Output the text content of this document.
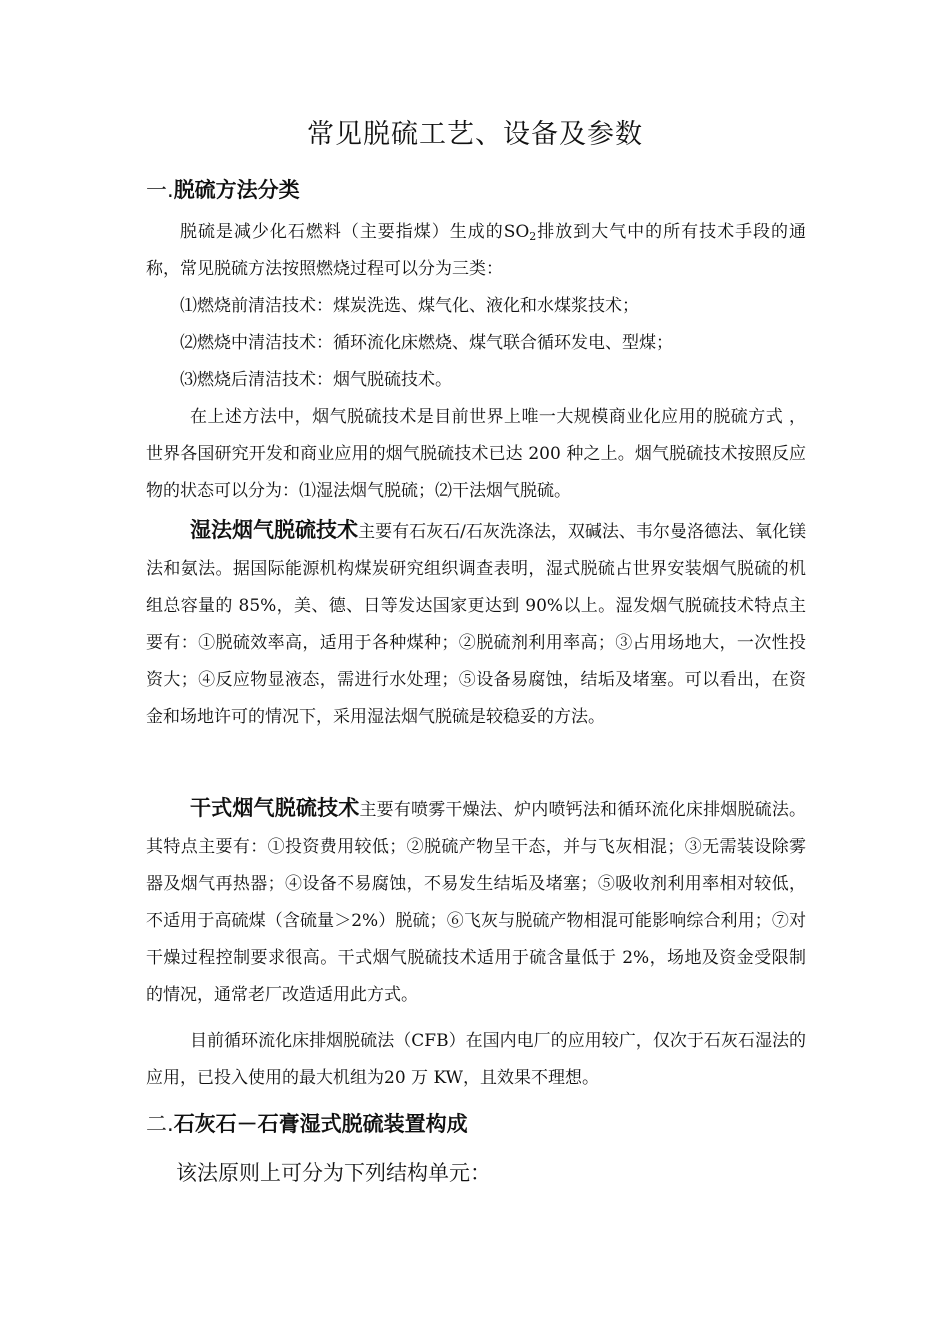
常见脱硫工艺、设备及参数
一.脱硫方法分类

脱硫是减少化石燃料（主要指煤）生成的$SO_2$排放到大气中的所有技术手段的通称，常见脱硫方法按照燃烧过程可以分为三类：

⑴燃烧前清洁技术：煤炭洗选、煤气化、液化和水煤浆技术；
⑵燃烧中清洁技术：循环流化床燃烧、煤气联合循环发电、型煤；
⑶燃烧后清洁技术：烟气脱硫技术。

在上述方法中，烟气脱硫技术是目前世界上唯一大规模商业化应用的脱硫方式 ，世界各国研究开发和商业应用的烟气脱硫技术已达 200 种之上。烟气脱硫技术按照反应物的状态可以分为：⑴湿法烟气脱硫；⑵干法烟气脱硫。

湿法烟气脱硫技术主要有石灰石/石灰洗涤法，双碱法、韦尔曼洛德法、氧化镁法和氨法。据国际能源机构煤炭研究组织调查表明，湿式脱硫占世界安装烟气脱硫的机组总容量的 85%，美、德、日等发达国家更达到 90%以上。湿发烟气脱硫技术特点主要有：①脱硫效率高，适用于各种煤种；②脱硫剂利用率高；③占用场地大，一次性投资大；④反应物显液态，需进行水处理；⑤设备易腐蚀，结垢及堵塞。可以看出，在资金和场地许可的情况下，采用湿法烟气脱硫是较稳妥的方法。

干式烟气脱硫技术主要有喷雾干燥法、炉内喷钙法和循环流化床排烟脱硫法。其特点主要有：①投资费用较低；②脱硫产物呈干态，并与飞灰相混；③无需装设除雾器及烟气再热器；④设备不易腐蚀，不易发生结垢及堵塞；⑤吸收剂利用率相对较低，不适用于高硫煤（含硫量＞2%）脱硫；⑥飞灰与脱硫产物相混可能影响综合利用；⑦对干燥过程控制要求很高。干式烟气脱硫技术适用于硫含量低于 2%，场地及资金受限制的情况，通常老厂改造适用此方式。

目前循环流化床排烟脱硫法（CFB）在国内电厂的应用较广，仅次于石灰石湿法的应用，已投入使用的最大机组为20 万 KW，且效果不理想。

二.石灰石－石膏湿式脱硫装置构成
该法原则上可分为下列结构单元：
